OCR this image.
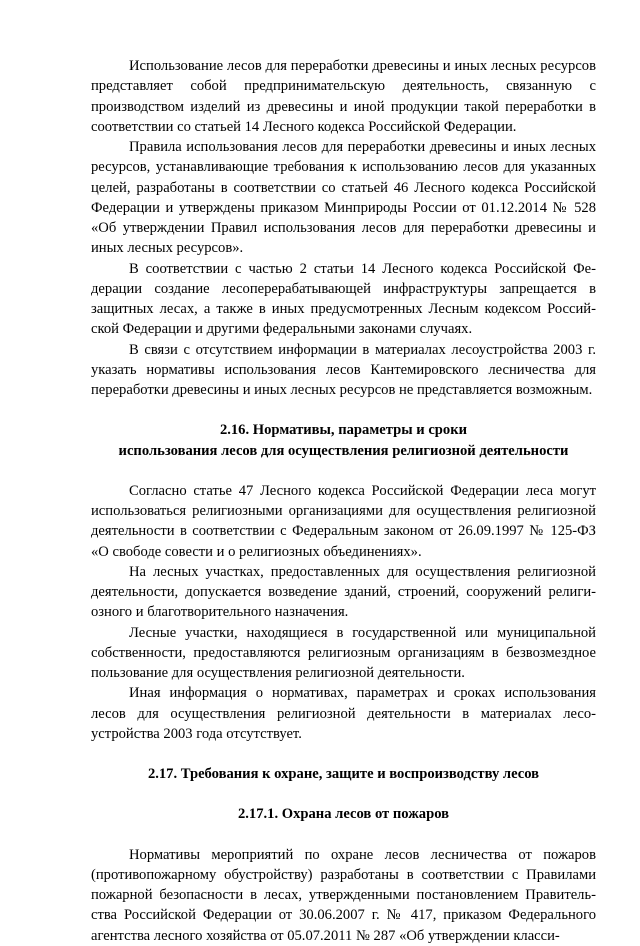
Использование лесов для переработки древесины и иных лесных ресурсов представляет собой предпринимательскую деятельность, связанную с производством изделий из древесины и иной продукции такой переработки в соответствии со статьей 14 Лесного кодекса Российской Федерации.

Правила использования лесов для переработки древесины и иных лесных ресурсов, устанавливающие требования к использованию лесов для указанных целей, разработаны в соответствии со статьей 46 Лесного кодекса Российской Федерации и утверждены приказом Минприроды России от 01.12.2014 № 528 «Об утверждении Правил использования лесов для переработки древесины и иных лесных ресурсов».

В соответствии с частью 2 статьи 14 Лесного кодекса Российской Федерации создание лесоперерабатывающей инфраструктуры запрещается в защитных лесах, а также в иных предусмотренных Лесным кодексом Российской Федерации и другими федеральными законами случаях.

В связи с отсутствием информации в материалах лесоустройства 2003 г. указать нормативы использования лесов Кантемировского лесничества для переработки древесины и иных лесных ресурсов не представляется возможным.

2.16. Нормативы, параметры и сроки

использования лесов для осуществления религиозной деятельности

Согласно статье 47 Лесного кодекса Российской Федерации леса могут использоваться религиозными организациями для осуществления религиозной деятельности в соответствии с Федеральным законом от 26.09.1997 № 125-ФЗ «О свободе совести и о религиозных объединениях».

На лесных участках, предоставленных для осуществления религиозной деятельности, допускается возведение зданий, строений, сооружений религиозного и благотворительного назначения.

Лесные участки, находящиеся в государственной или муниципальной собственности, предоставляются религиозным организациям в безвозмездное пользование для осуществления религиозной деятельности.

Иная информация о нормативах, параметрах и сроках использования лесов для осуществления религиозной деятельности в материалах лесоустройства 2003 года отсутствует.

2.17. Требования к охране, защите и воспроизводству лесов

2.17.1. Охрана лесов от пожаров

Нормативы мероприятий по охране лесов лесничества от пожаров (противопожарному обустройству) разработаны в соответствии с Правилами пожарной безопасности в лесах, утвержденными постановлением Правительства Российской Федерации от 30.06.2007 г. № 417, приказом Федерального агентства лесного хозяйства от 05.07.2011 № 287 «Об утверждении класси-
